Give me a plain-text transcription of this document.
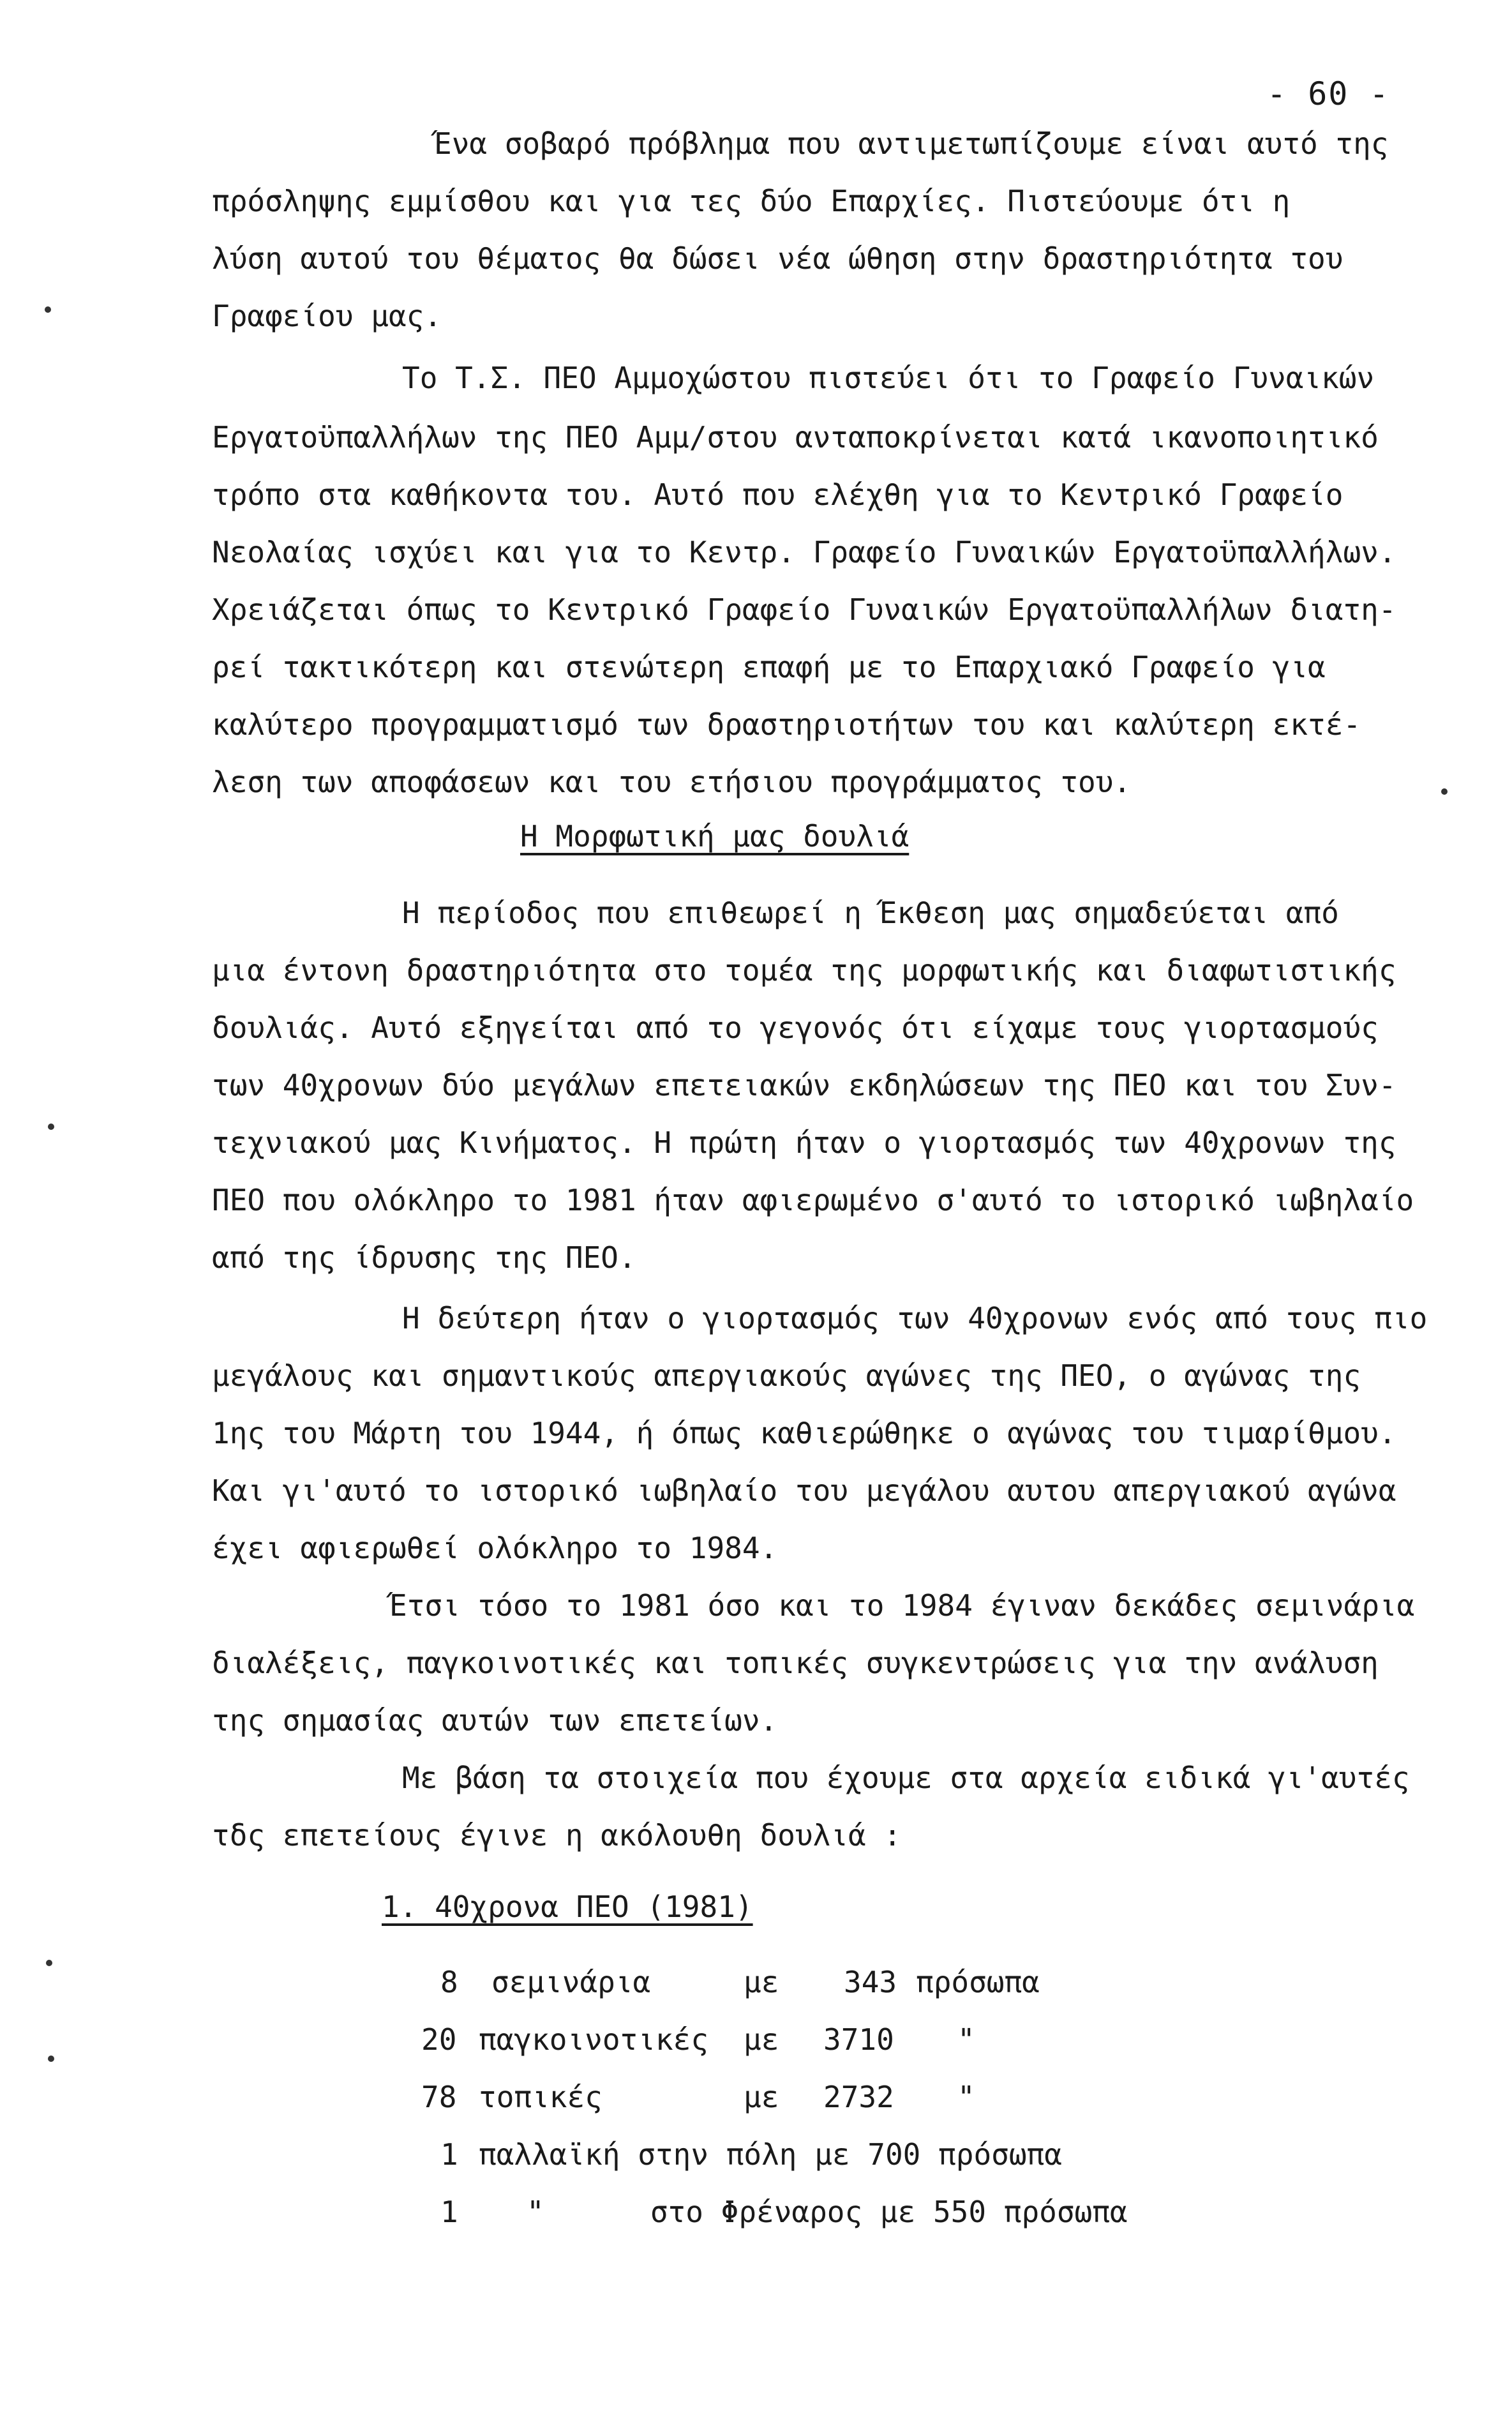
- 60 -
Ένα σοβαρό πρόβλημα που αντιμετωπίζουμε είναι αυτό της
πρόσληψης εμμίσθου και για τες δύο Επαρχίες. Πιστεύουμε ότι η
λύση αυτού του θέματος θα δώσει νέα ώθηση στην δραστηριότητα του
Γραφείου μας.
Το Τ.Σ. ΠΕΟ Αμμοχώστου πιστεύει ότι το Γραφείο Γυναικών
Εργατοϋπαλλήλων της ΠΕΟ Αμμ/στου ανταποκρίνεται κατά ικανοποιητικό
τρόπο στα καθήκοντα του. Αυτό που ελέχθη για το Κεντρικό Γραφείο
Νεολαίας ισχύει και για το Κεντρ. Γραφείο Γυναικών Εργατοϋπαλλήλων.
Χρειάζεται όπως το Κεντρικό Γραφείο Γυναικών Εργατοϋπαλλήλων διατη-
ρεί τακτικότερη και στενώτερη επαφή με το Επαρχιακό Γραφείο για
καλύτερο προγραμματισμό των δραστηριοτήτων του και καλύτερη εκτέ-
λεση των αποφάσεων και του ετήσιου προγράμματος του.
Η Μορφωτική μας δουλιά
Η περίοδος που επιθεωρεί η Έκθεση μας σημαδεύεται από
μια έντονη δραστηριότητα στο τομέα της μορφωτικής και διαφωτιστικής
δουλιάς. Αυτό εξηγείται από το γεγονός ότι είχαμε τους γιορτασμούς
των 40χρονων δύο μεγάλων επετειακών εκδηλώσεων της ΠΕΟ και του Συν-
τεχνιακού μας Κινήματος. Η πρώτη ήταν ο γιορτασμός των 40χρονων της
ΠΕΟ που ολόκληρο το 1981 ήταν αφιερωμένο σ'αυτό το ιστορικό ιωβηλαίο
από της ίδρυσης της ΠΕΟ.
Η δεύτερη ήταν ο γιορτασμός των 40χρονων ενός από τους πιο
μεγάλους και σημαντικούς απεργιακούς αγώνες της ΠΕΟ, ο αγώνας της
1ης του Μάρτη του 1944, ή όπως καθιερώθηκε ο αγώνας του τιμαρίθμου.
Και γι'αυτό το ιστορικό ιωβηλαίο του μεγάλου αυτου απεργιακού αγώνα
έχει αφιερωθεί ολόκληρο το 1984.
Έτσι τόσο το 1981 όσο και το 1984 έγιναν δεκάδες σεμινάρια
διαλέξεις, παγκοινοτικές και τοπικές συγκεντρώσεις για την ανάλυση
της σημασίας αυτών των επετείων.
Με βάση τα στοιχεία που έχουμε στα αρχεία ειδικά γι'αυτές
τδς επετείους έγινε η ακόλουθη δουλιά :
1. 40χρονα ΠΕΟ (1981)
8 σεμινάρια	με 343 πρόσωπα
20 παγκοινοτικές με 3710 "
78 τοπικές	με 2732 "
1 παλλαϊκή στην πόλη με 700 πρόσωπα
1 "      στο Φρέναρος με 550 πρόσωπα
